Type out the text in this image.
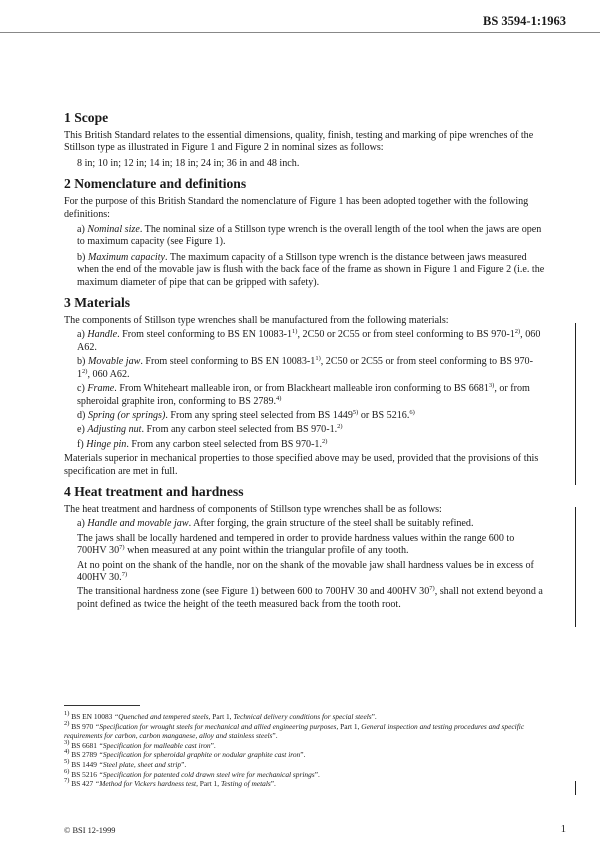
BS 3594-1:1963
1 Scope

This British Standard relates to the essential dimensions, quality, finish, testing and marking of pipe wrenches of the Stillson type as illustrated in Figure 1 and Figure 2 in nominal sizes as follows:

8 in; 10 in; 12 in; 14 in; 18 in; 24 in; 36 in and 48 inch.

2 Nomenclature and definitions

For the purpose of this British Standard the nomenclature of Figure 1 has been adopted together with the following definitions:

a) Nominal size. The nominal size of a Stillson type wrench is the overall length of the tool when the jaws are open to maximum capacity (see Figure 1).

b) Maximum capacity. The maximum capacity of a Stillson type wrench is the distance between jaws measured when the end of the movable jaw is flush with the back face of the frame as shown in Figure 1 and Figure 2 (i.e. the maximum diameter of pipe that can be gripped with safety).

3 Materials

The components of Stillson type wrenches shall be manufactured from the following materials:

a) Handle. From steel conforming to BS EN 10083-1$^{1)}$, 2C50 or 2C55 or from steel conforming to BS 970-1$^{2)}$, 060 A62.

b) Movable jaw. From steel conforming to BS EN 10083-1$^{1)}$, 2C50 or 2C55 or from steel conforming to BS 970-1$^{2)}$, 060 A62.

c) Frame. From Whiteheart malleable iron, or from Blackheart malleable iron conforming to BS 6681$^{3)}$, or from spheroidal graphite iron, conforming to BS 2789.$^{4)}$

d) Spring (or springs). From any spring steel selected from BS 1449$^{5)}$ or BS 5216.$^{6)}$

e) Adjusting nut. From any carbon steel selected from BS 970-1.$^{2)}$

f) Hinge pin. From any carbon steel selected from BS 970-1.$^{2)}$

Materials superior in mechanical properties to those specified above may be used, provided that the provisions of this specification are met in full.

4 Heat treatment and hardness

The heat treatment and hardness of components of Stillson type wrenches shall be as follows:

a) Handle and movable jaw. After forging, the grain structure of the steel shall be suitably refined.

The jaws shall be locally hardened and tempered in order to provide hardness values within the range 600 to 700HV 30$^{7)}$ when measured at any point within the triangular profile of any tooth.

At no point on the shank of the handle, nor on the shank of the movable jaw shall hardness values be in excess of 400HV 30.$^{7)}$

The transitional hardness zone (see Figure 1) between 600 to 700HV 30 and 400HV 30$^{7)}$, shall not extend beyond a point defined as twice the height of the teeth measured back from the tooth root.

$^{1)}$ BS EN 10083 “Quenched and tempered steels, Part 1, Technical delivery conditions for special steels”.
$^{2)}$ BS 970 “Specification for wrought steels for mechanical and allied engineering purposes, Part 1, General inspection and testing procedures and specific requirements for carbon, carbon manganese, alloy and stainless steels”.
$^{3)}$ BS 6681 “Specification for malleable cast iron”.
$^{4)}$ BS 2789 “Specification for spheroidal graphite or nodular graphite cast iron”.
$^{5)}$ BS 1449 “Steel plate, sheet and strip”.
$^{6)}$ BS 5216 “Specification for patented cold drawn steel wire for mechanical springs”.
$^{7)}$ BS 427 “Method for Vickers hardness test, Part 1, Testing of metals”.
© BSI 12-1999	1
